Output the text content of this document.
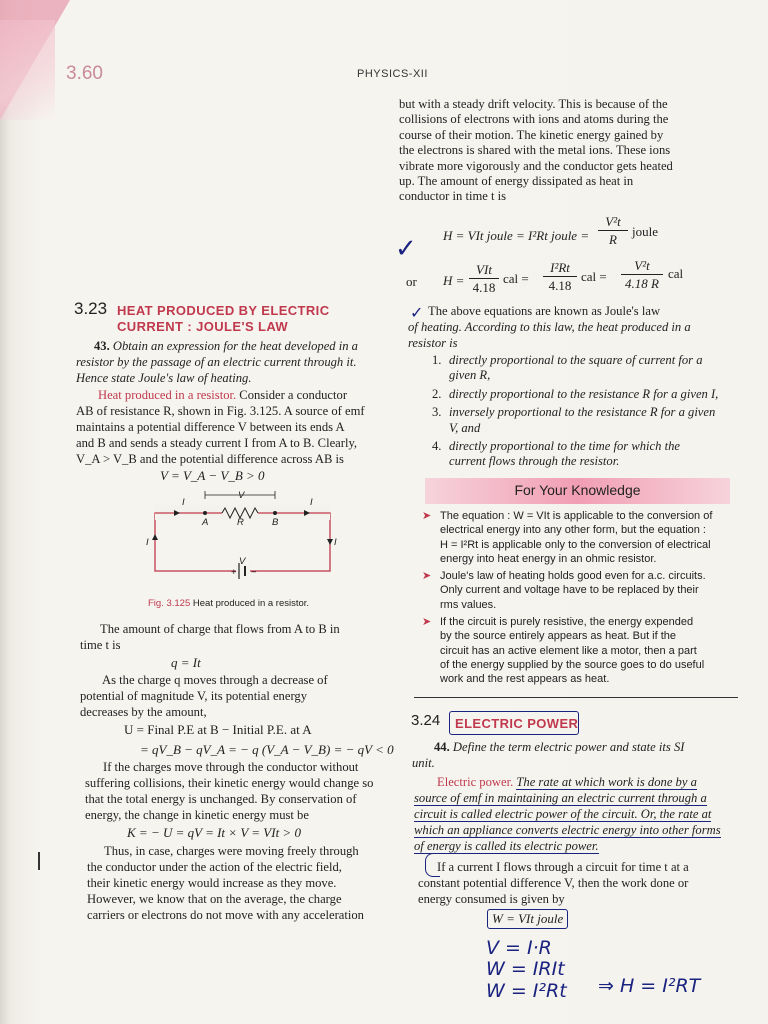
3.60	PHYSICS-XII
but with a steady drift velocity. This is because of the
collisions of electrons with ions and atoms during the
course of their motion. The kinetic energy gained by
the electrons is shared with the metal ions. These ions
vibrate more vigorously and the conductor gets heated
up. The amount of energy dissipated as heat in
conductor in time t is
H = VIt joule = I²Rt joule =
V²t
R
joule
✓
or H =
VIt
4.18
cal =
I²Rt
4.18
cal =
V²t
4.18 R
cal
✓ The above equations are known as Joule's law
of heating. According to this law, the heat produced in a
resistor is
1. directly proportional to the square of current for a
given R,
2. directly proportional to the resistance R for a given I,
3. inversely proportional to the resistance R for a given
V, and
4. directly proportional to the time for which the
current flows through the resistor.
For Your Knowledge
➤ The equation : W = VIt is applicable to the conversion of
electrical energy into any other form, but the equation :
H = I²Rt is applicable only to the conversion of electrical
energy into heat energy in an ohmic resistor.
➤ Joule's law of heating holds good even for a.c. circuits.
Only current and voltage have to be replaced by their
rms values.
➤ If the circuit is purely resistive, the energy expended
by the source entirely appears as heat. But if the
circuit has an active element like a motor, then a part
of the energy supplied by the source goes to do useful
work and the rest appears as heat.
3.24 ELECTRIC POWER
44. Define the term electric power and state its SI
unit.
Electric power. The rate at which work is done by a
source of emf in maintaining an electric current through a
circuit is called electric power of the circuit. Or, the rate at
which an appliance converts electric energy into other forms
of energy is called its electric power.
If a current I flows through a circuit for time t at a
constant potential difference V, then the work done or
energy consumed is given by
W = VIt joule
V = I·R
W = IRIt
W = I²Rt ⇒ H = I²RT
3.23 HEAT PRODUCED BY ELECTRIC
CURRENT : JOULE'S LAW
43. Obtain an expression for the heat developed in a
resistor by the passage of an electric current through it.
Hence state Joule's law of heating.
Heat produced in a resistor. Consider a conductor
AB of resistance R, shown in Fig. 3.125. A source of emf
maintains a potential difference V between its ends A
and B and sends a steady current I from A to B. Clearly,
V_A > V_B and the potential difference across AB is
V = V_A − V_B > 0
I	I
I	I
V
A	R	B
V
+ −
Fig. 3.125 Heat produced in a resistor.
The amount of charge that flows from A to B in
time t is
q = It
As the charge q moves through a decrease of
potential of magnitude V, its potential energy
decreases by the amount,
U = Final P.E at B − Initial P.E. at A
= qV_B − qV_A = − q (V_A − V_B) = − qV < 0
If the charges move through the conductor without
suffering collisions, their kinetic energy would change so
that the total energy is unchanged. By conservation of
energy, the change in kinetic energy must be
K = − U = qV = It × V = VIt > 0
Thus, in case, charges were moving freely through
the conductor under the action of the electric field,
their kinetic energy would increase as they move.
However, we know that on the average, the charge
carriers or electrons do not move with any acceleration
